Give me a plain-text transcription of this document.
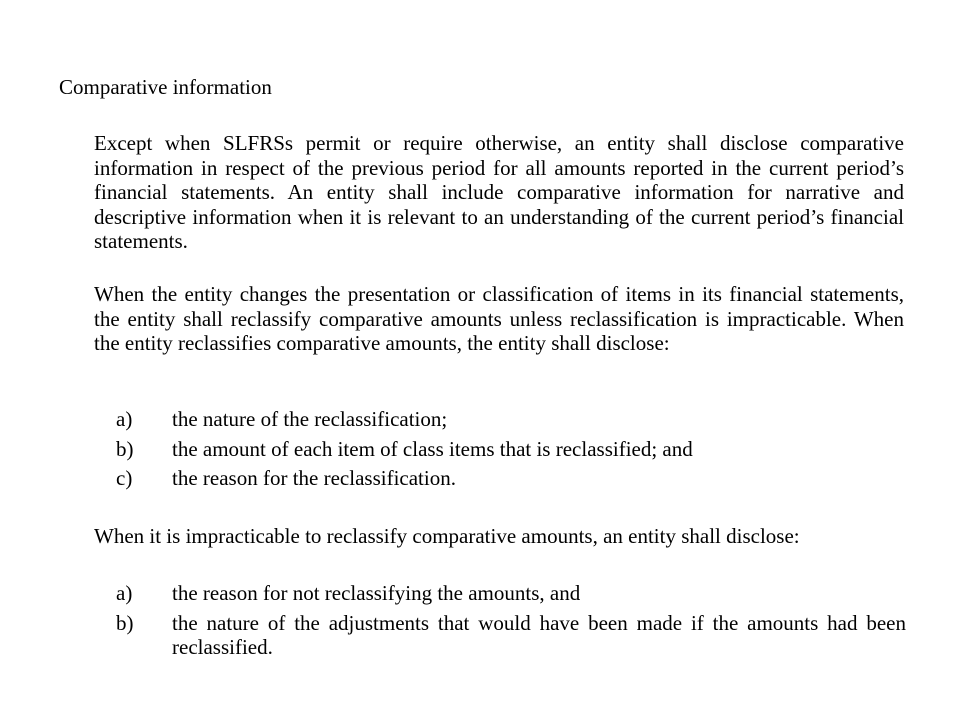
Comparative information

Except when SLFRSs permit or require otherwise, an entity shall disclose comparative information in respect of the previous period for all amounts reported in the current period’s financial statements. An entity shall include comparative information for narrative and descriptive information when it is relevant to an understanding of the current period’s financial statements.

When the entity changes the presentation or classification of items in its financial statements, the entity shall reclassify comparative amounts unless reclassification is impracticable. When the entity reclassifies comparative amounts, the entity shall disclose:

a)	the nature of the reclassification;
b)	the amount of each item of class items that is reclassified; and
c)	the reason for the reclassification.

When it is impracticable to reclassify comparative amounts, an entity shall disclose:

a)	the reason for not reclassifying the amounts, and
b)	the nature of the adjustments that would have been made if the amounts had been reclassified.
